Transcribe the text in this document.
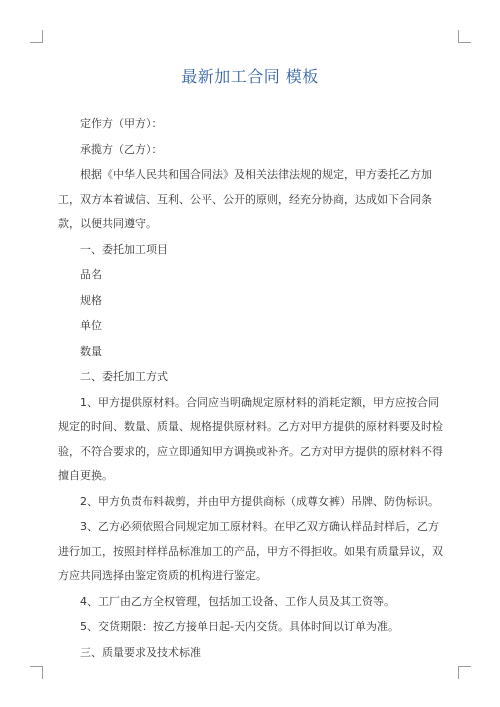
最新加工合同 模板

定作方（甲方）：

承揽方（乙方）：

根据《中华人民共和国合同法》及相关法律法规的规定，甲方委托乙方加工，双方本着诚信、互利、公平、公开的原则，经充分协商，达成如下合同条款，以便共同遵守。

一、委托加工项目

品名

规格

单位

数量

二、委托加工方式

1、甲方提供原材料。合同应当明确规定原材料的消耗定额，甲方应按合同规定的时间、数量、质量、规格提供原材料。乙方对甲方提供的原材料要及时检验，不符合要求的，应立即通知甲方调换或补齐。乙方对甲方提供的原材料不得擅自更换。

2、甲方负责布料裁剪，并由甲方提供商标（成尊女裤）吊牌、防伪标识。

3、乙方必须依照合同规定加工原材料。在甲乙双方确认样品封样后，乙方进行加工，按照封样样品标准加工的产品，甲方不得拒收。如果有质量异议，双方应共同选择由鉴定资质的机构进行鉴定。

4、工厂由乙方全权管理，包括加工设备、工作人员及其工资等。

5、交货期限：按乙方接单日起-天内交货。具体时间以订单为准。

三、质量要求及技术标准
